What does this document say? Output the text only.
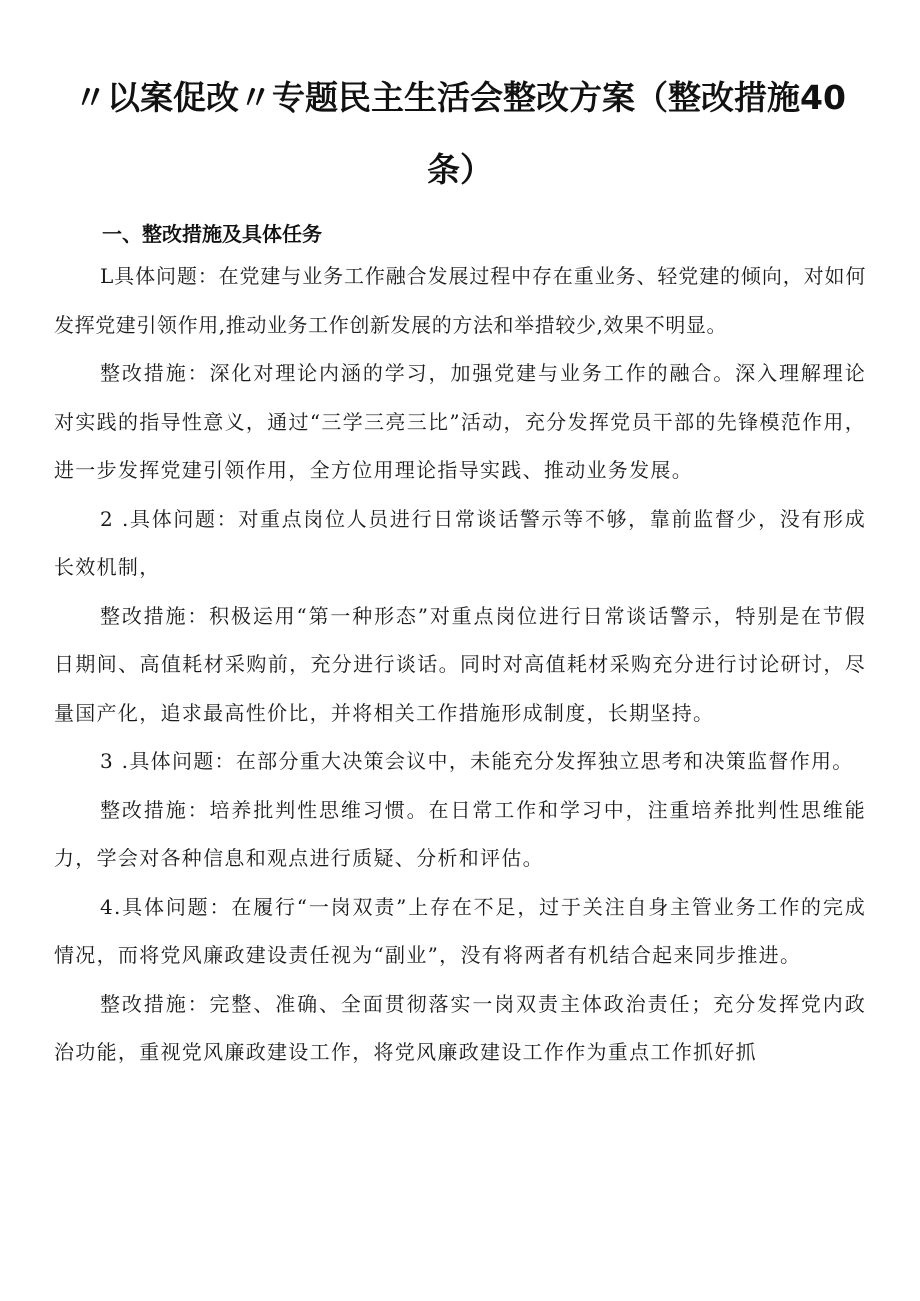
〃以案促改〃专题民主生活会整改方案（整改措施40
条）
一、整改措施及具体任务

L具体问题：在党建与业务工作融合发展过程中存在重业务、轻党建的倾向，对如何发挥党建引领作用,推动业务工作创新发展的方法和举措较少,效果不明显。

整改措施：深化对理论内涵的学习，加强党建与业务工作的融合。深入理解理论对实践的指导性意义，通过“三学三亮三比”活动，充分发挥党员干部的先锋模范作用，进一步发挥党建引领作用，全方位用理论指导实践、推动业务发展。

2 .具体问题：对重点岗位人员进行日常谈话警示等不够，靠前监督少，没有形成长效机制，

整改措施：积极运用“第一种形态”对重点岗位进行日常谈话警示，特别是在节假日期间、高值耗材采购前，充分进行谈话。同时对高值耗材采购充分进行讨论研讨，尽量国产化，追求最高性价比，并将相关工作措施形成制度，长期坚持。

3 .具体问题：在部分重大决策会议中，未能充分发挥独立思考和决策监督作用。

整改措施：培养批判性思维习惯。在日常工作和学习中，注重培养批判性思维能力，学会对各种信息和观点进行质疑、分析和评估。

4.具体问题：在履行“一岗双责”上存在不足，过于关注自身主管业务工作的完成情况，而将党风廉政建设责任视为“副业”，没有将两者有机结合起来同步推进。

整改措施：完整、准确、全面贯彻落实一岗双责主体政治责任；充分发挥党内政治功能，重视党风廉政建设工作，将党风廉政建设工作作为重点工作抓好抓
